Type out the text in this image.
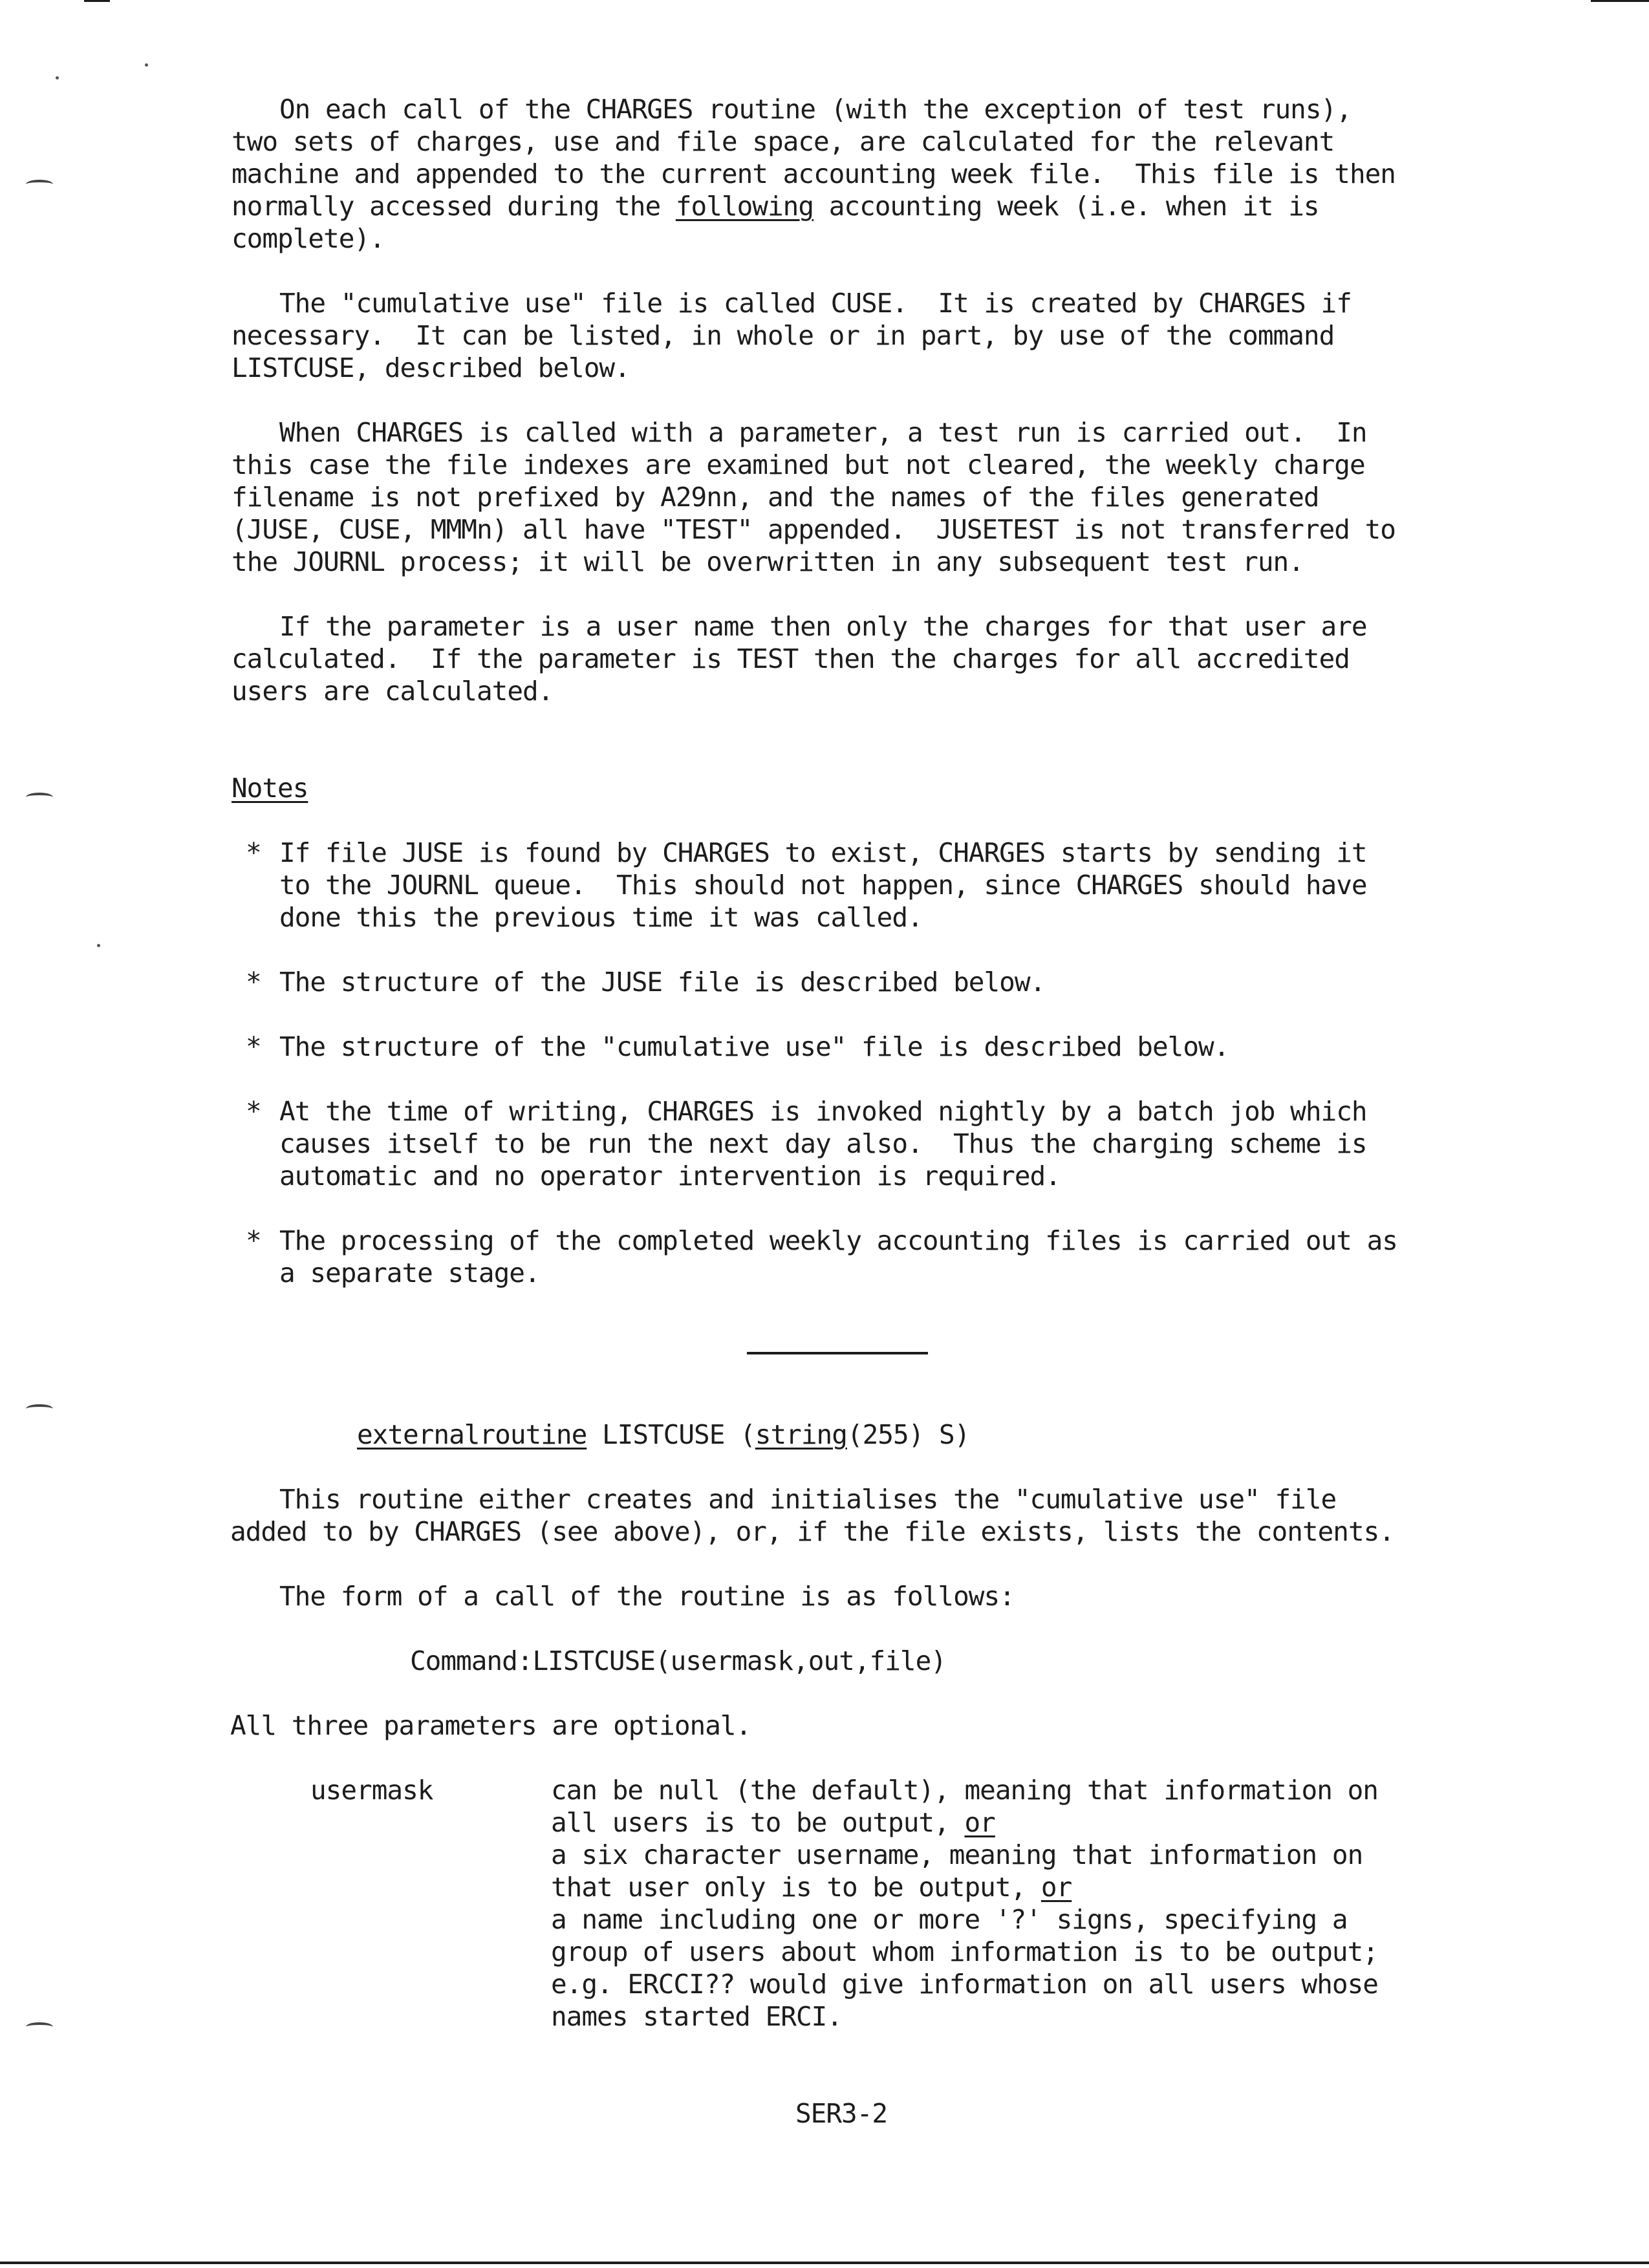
On each call of the CHARGES routine (with the exception of test runs),
two sets of charges, use and file space, are calculated for the relevant
machine and appended to the current accounting week file.  This file is then
normally accessed during the following accounting week (i.e. when it is
complete).
The "cumulative use" file is called CUSE.  It is created by CHARGES if
necessary.  It can be listed, in whole or in part, by use of the command
LISTCUSE, described below.
When CHARGES is called with a parameter, a test run is carried out.  In
this case the file indexes are examined but not cleared, the weekly charge
filename is not prefixed by A29nn, and the names of the files generated
(JUSE, CUSE, MMMn) all have "TEST" appended.  JUSETEST is not transferred to
the JOURNL process; it will be overwritten in any subsequent test run.
If the parameter is a user name then only the charges for that user are
calculated.  If the parameter is TEST then the charges for all accredited
users are calculated.
Notes
* If file JUSE is found by CHARGES to exist, CHARGES starts by sending it
to the JOURNL queue.  This should not happen, since CHARGES should have
done this the previous time it was called.
* The structure of the JUSE file is described below.
* The structure of the "cumulative use" file is described below.
* At the time of writing, CHARGES is invoked nightly by a batch job which
causes itself to be run the next day also.  Thus the charging scheme is
automatic and no operator intervention is required.
* The processing of the completed weekly accounting files is carried out as
a separate stage.
externalroutine LISTCUSE (string(255) S)
This routine either creates and initialises the "cumulative use" file
added to by CHARGES (see above), or, if the file exists, lists the contents.
The form of a call of the routine is as follows:
Command:LISTCUSE(usermask,out,file)
All three parameters are optional.
usermask	can be null (the default), meaning that information on
all users is to be output, or
a six character username, meaning that information on
that user only is to be output, or
a name including one or more '?' signs, specifying a
group of users about whom information is to be output;
e.g. ERCCI?? would give information on all users whose
names started ERCI.
SER3-2
